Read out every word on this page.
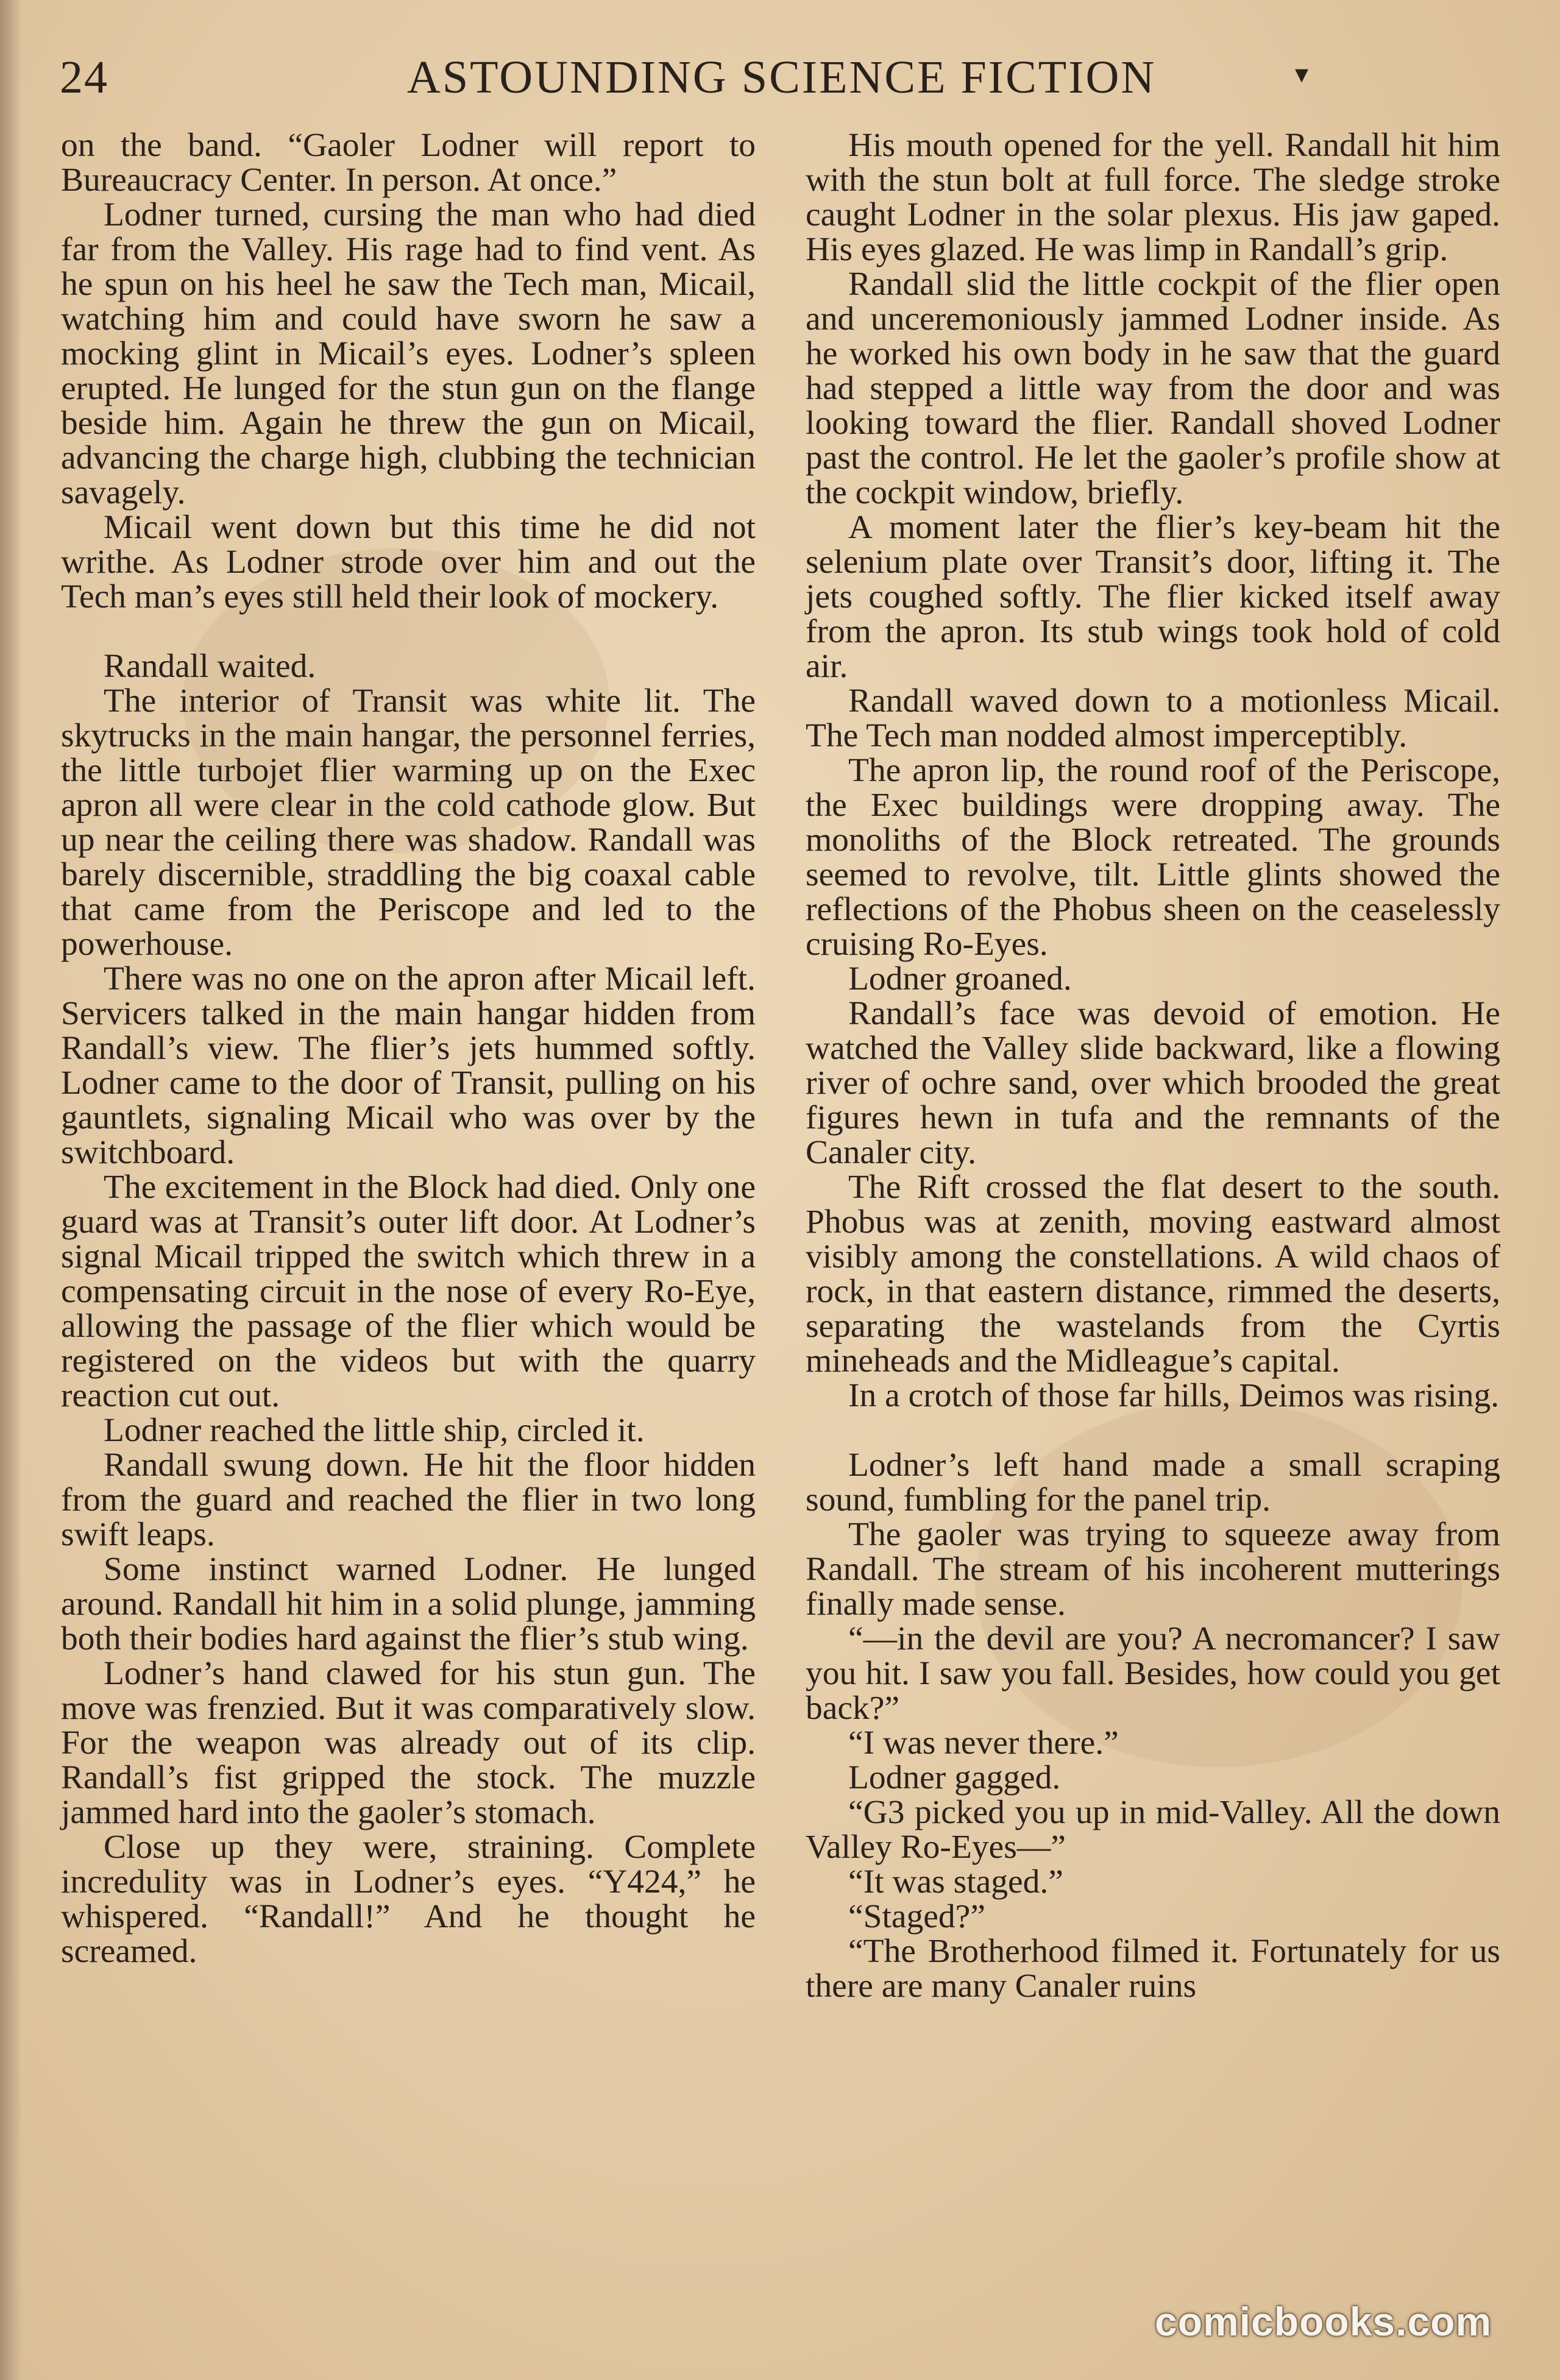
24	ASTOUNDING SCIENCE FICTION	▾

on the band. “Gaoler Lodner will report to Bureaucracy Center. In person. At once.”

Lodner turned, cursing the man who had died far from the Valley. His rage had to find vent. As he spun on his heel he saw the Tech man, Micail, watching him and could have sworn he saw a mocking glint in Micail’s eyes. Lodner’s spleen erupted. He lunged for the stun gun on the flange beside him. Again he threw the gun on Micail, advancing the charge high, clubbing the technician savagely.

Micail went down but this time he did not writhe. As Lodner strode over him and out the Tech man’s eyes still held their look of mockery.

Randall waited.

The interior of Transit was white lit. The skytrucks in the main hangar, the personnel ferries, the little turbojet flier warming up on the Exec apron all were clear in the cold cathode glow. But up near the ceiling there was shadow. Randall was barely discernible, straddling the big coaxal cable that came from the Periscope and led to the powerhouse.

There was no one on the apron after Micail left. Servicers talked in the main hangar hidden from Randall’s view. The flier’s jets hummed softly. Lodner came to the door of Transit, pulling on his gauntlets, signaling Micail who was over by the switchboard.

The excitement in the Block had died. Only one guard was at Transit’s outer lift door. At Lodner’s signal Micail tripped the switch which threw in a compensating circuit in the nose of every Ro-Eye, allowing the passage of the flier which would be registered on the videos but with the quarry reaction cut out.

Lodner reached the little ship, circled it.

Randall swung down. He hit the floor hidden from the guard and reached the flier in two long swift leaps.

Some instinct warned Lodner. He lunged around. Randall hit him in a solid plunge, jamming both their bodies hard against the flier’s stub wing.

Lodner’s hand clawed for his stun gun. The move was frenzied. But it was comparatively slow. For the weapon was already out of its clip. Randall’s fist gripped the stock. The muzzle jammed hard into the gaoler’s stomach.

Close up they were, straining. Complete incredulity was in Lodner’s eyes. “Y424,” he whispered. “Randall!” And he thought he screamed.

His mouth opened for the yell. Randall hit him with the stun bolt at full force. The sledge stroke caught Lodner in the solar plexus. His jaw gaped. His eyes glazed. He was limp in Randall’s grip.

Randall slid the little cockpit of the flier open and unceremoniously jammed Lodner inside. As he worked his own body in he saw that the guard had stepped a little way from the door and was looking toward the flier. Randall shoved Lodner past the control. He let the gaoler’s profile show at the cockpit window, briefly.

A moment later the flier’s key-beam hit the selenium plate over Transit’s door, lifting it. The jets coughed softly. The flier kicked itself away from the apron. Its stub wings took hold of cold air.

Randall waved down to a motionless Micail. The Tech man nodded almost imperceptibly.

The apron lip, the round roof of the Periscope, the Exec buildings were dropping away. The monoliths of the Block retreated. The grounds seemed to revolve, tilt. Little glints showed the reflections of the Phobus sheen on the ceaselessly cruising Ro-Eyes.

Lodner groaned.

Randall’s face was devoid of emotion. He watched the Valley slide backward, like a flowing river of ochre sand, over which brooded the great figures hewn in tufa and the remnants of the Canaler city.

The Rift crossed the flat desert to the south. Phobus was at zenith, moving eastward almost visibly among the constellations. A wild chaos of rock, in that eastern distance, rimmed the deserts, separating the wastelands from the Cyrtis mineheads and the Midleague’s capital.

In a crotch of those far hills, Deimos was rising.

Lodner’s left hand made a small scraping sound, fumbling for the panel trip.

The gaoler was trying to squeeze away from Randall. The stream of his incoherent mutterings finally made sense.

“—in the devil are you? A necromancer? I saw you hit. I saw you fall. Besides, how could you get back?”

“I was never there.”

Lodner gagged.

“G3 picked you up in mid-Valley. All the down Valley Ro-Eyes—”

“It was staged.”

“Staged?”

“The Brotherhood filmed it. Fortunately for us there are many Canaler ruins

comicbooks.com
